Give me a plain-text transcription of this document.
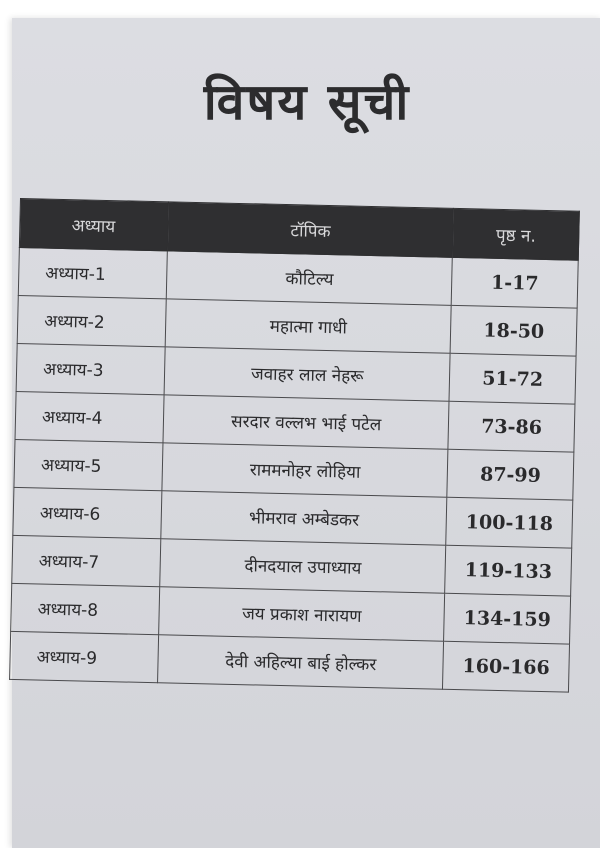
विषय सूची
अध्याय	टॉपिक	पृष्ठ न.
अध्याय-1	कौटिल्य	1-17
अध्याय-2	महात्मा गाधी	18-50
अध्याय-3	जवाहर लाल नेहरू	51-72
अध्याय-4	सरदार वल्लभ भाई पटेल	73-86
अध्याय-5	राममनोहर लोहिया	87-99
अध्याय-6	भीमराव अम्बेडकर	100-118
अध्याय-7	दीनदयाल उपाध्याय	119-133
अध्याय-8	जय प्रकाश नारायण	134-159
अध्याय-9	देवी अहिल्या बाई होल्कर	160-166
